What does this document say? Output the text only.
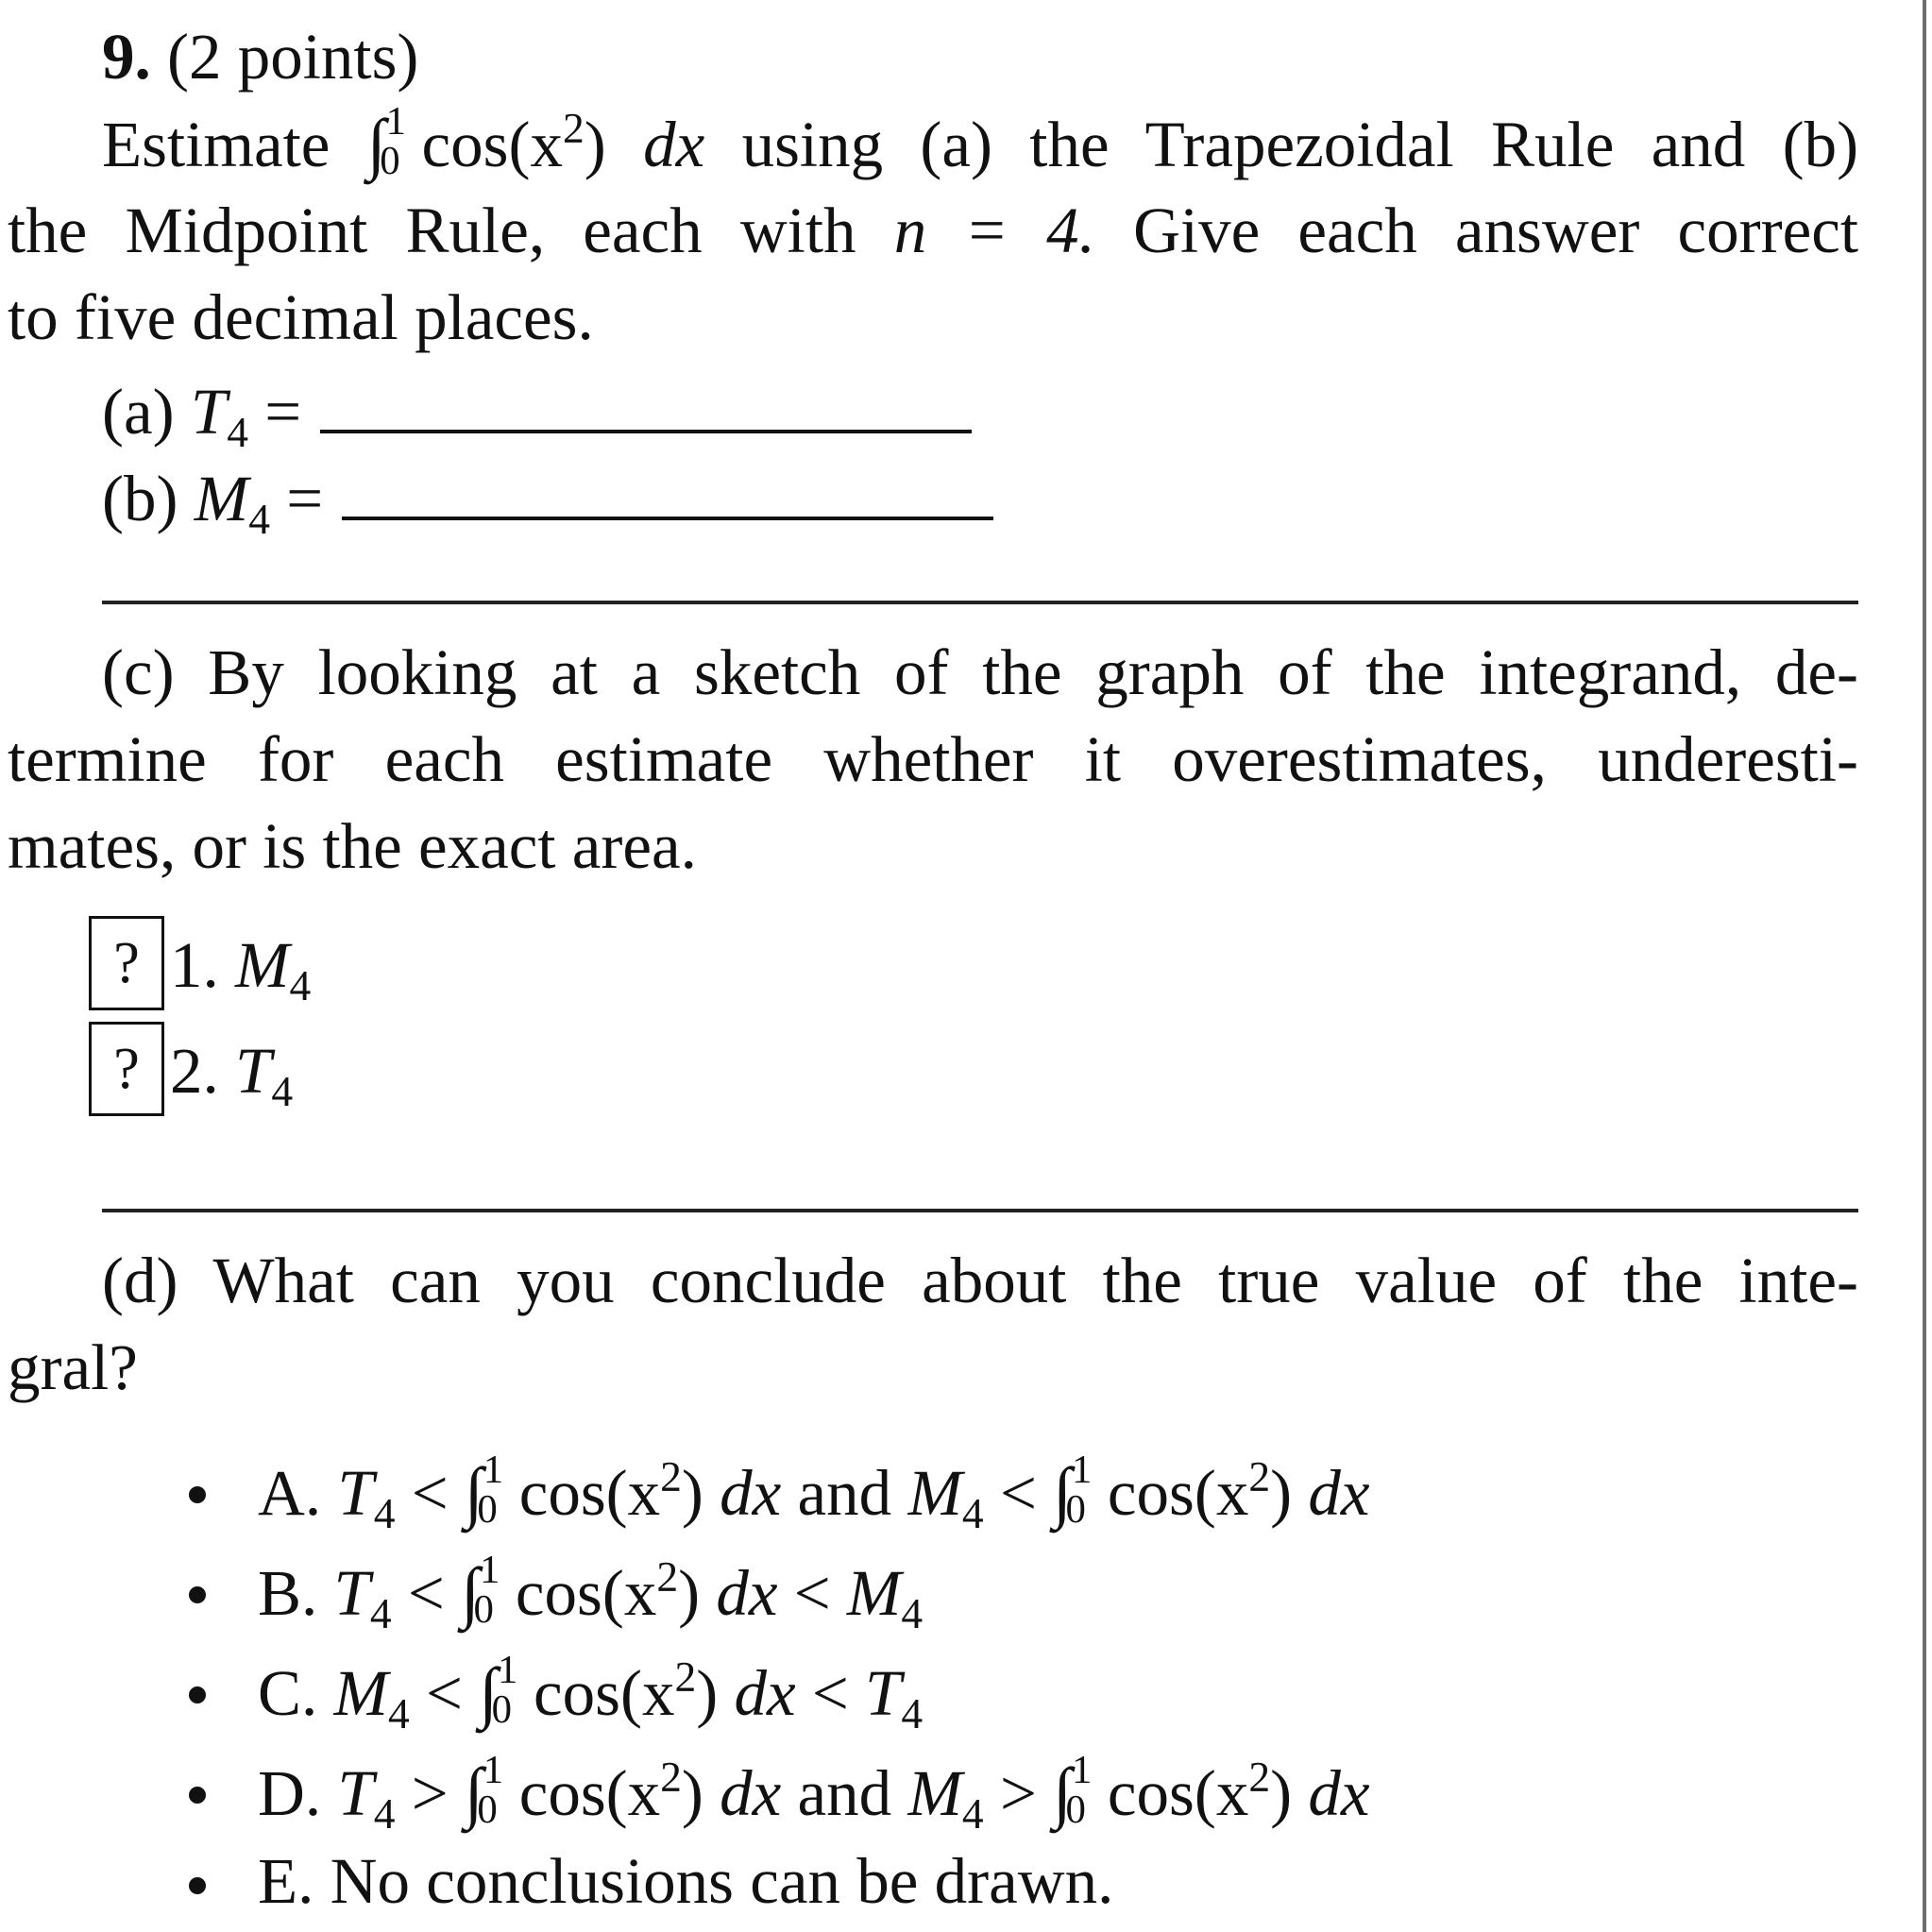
9. (2 points)
Estimate ∫ 1
0 $\cos(x^2)$ dx using (a) the Trapezoidal Rule and (b)
the Midpoint Rule, each with n = 4. Give each answer correct
to five decimal places.
(a) $T_4$ =
(b) $M_4$ =
(c) By looking at a sketch of the graph of the integrand, de-
termine for each estimate whether it overestimates, underesti-
mates, or is the exact area.
? 1. $M_4$
? 2. $T_4$
(d) What can you conclude about the true value of the inte-
gral?
A. $T_4$ < ∫ 1
0 $\cos(x^2)$ dx and $M_4$ < ∫ 1
0 $\cos(x^2)$ dx
B. $T_4$ < ∫ 1
0 $\cos(x^2)$ dx < $M_4$
C. $M_4$ < ∫ 1
0 $\cos(x^2)$ dx < $T_4$
D. $T_4$ > ∫ 1
0 $\cos(x^2)$ dx and $M_4$ > ∫ 1
0 $\cos(x^2)$ dx
E. No conclusions can be drawn.
